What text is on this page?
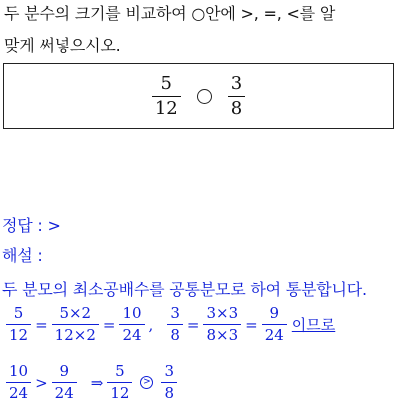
두 분수의 크기를 비교하여 ○안에 >, =, <를 알
맞게 써넣으시오.
$\frac{5}{12}$	$\frac{3}{8}$
정답 : >
해설 :
두 분모의 최소공배수를 공통분모로 하여 통분합니다.
$\frac{5}{12} = \frac{5\times 2}{12\times 2} = \frac{10}{24}$ , $\frac{3}{8} = \frac{3\times 3}{8\times 3} = \frac{9}{24}$ 이므로
$\frac{10}{24} > \frac{9}{24}$ ⇒ $\frac{5}{12}$	> $\frac{3}{8}$
